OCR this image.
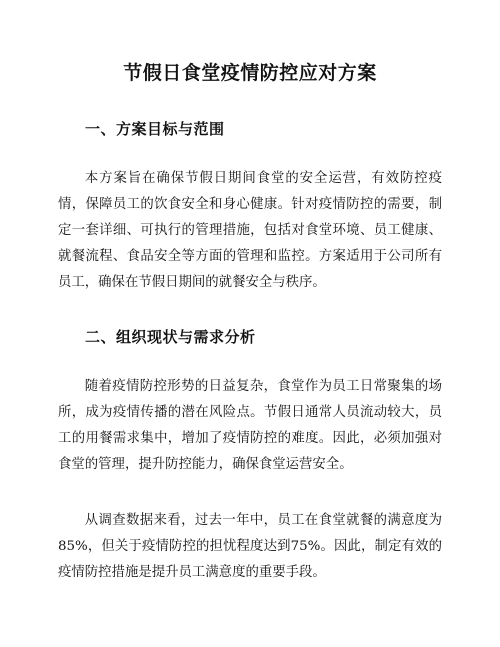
节假日食堂疫情防控应对方案
一、方案目标与范围
本方案旨在确保节假日期间食堂的安全运营，有效防控疫情，保障员工的饮食安全和身心健康。针对疫情防控的需要，制定一套详细、可执行的管理措施，包括对食堂环境、员工健康、就餐流程、食品安全等方面的管理和监控。方案适用于公司所有员工，确保在节假日期间的就餐安全与秩序。
二、组织现状与需求分析
随着疫情防控形势的日益复杂，食堂作为员工日常聚集的场所，成为疫情传播的潜在风险点。节假日通常人员流动较大，员工的用餐需求集中，增加了疫情防控的难度。因此，必须加强对食堂的管理，提升防控能力，确保食堂运营安全。
从调查数据来看，过去一年中，员工在食堂就餐的满意度为85%，但关于疫情防控的担忧程度达到75%。因此，制定有效的疫情防控措施是提升员工满意度的重要手段。
